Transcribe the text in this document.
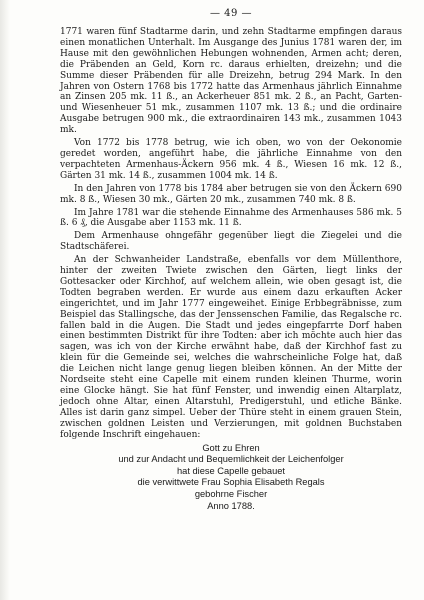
— 49 —

1771 waren fünf Stadtarme darin, und zehn Stadtarme empfingen daraus einen monatlichen Unterhalt. Im Ausgange des Junius 1781 waren der, im Hause mit den gewöhnlichen Hebungen wohnenden, Armen acht; deren, die Präbenden an Geld, Korn rc. daraus erhielten, dreizehn; und die Summe dieser Präbenden für alle Dreizehn, betrug 294 Mark. In den Jahren von Ostern 1768 bis 1772 hatte das Armenhaus jährlich Einnahme an Zinsen 205 mk. 11 ß., an Ackerheuer 851 mk. 2 ß., an Pacht, Garten- und Wiesenheuer 51 mk., zusammen 1107 mk. 13 ß.; und die ordinaire Ausgabe betrugen 900 mk., die extraordinairen 143 mk., zusammen 1043 mk.

Von 1772 bis 1778 betrug, wie ich oben, wo von der Oekonomie geredet worden, angeführt habe, die jährliche Einnahme von den verpachteten Armenhaus-Äckern 956 mk. 4 ß., Wiesen 16 mk. 12 ß., Gärten 31 mk. 14 ß., zusammen 1004 mk. 14 ß.

In den Jahren von 1778 bis 1784 aber betrugen sie von den Äckern 690 mk. 8 ß., Wiesen 30 mk., Gärten 20 mk., zusammen 740 mk. 8 ß.

Im Jahre 1781 war die stehende Einnahme des Armenhauses 586 mk. 5 ß. 6 ₰, die Ausgabe aber 1153 mk. 11 ß.

Dem Armenhause ohngefähr gegenüber liegt die Ziegelei und die Stadtschäferei.

An der Schwanheider Landstraße, ebenfalls vor dem Müllenthore, hinter der zweiten Twiete zwischen den Gärten, liegt links der Gottesacker oder Kirchhof, auf welchem allein, wie oben gesagt ist, die Todten begraben werden. Er wurde aus einem dazu erkauften Acker eingerichtet, und im Jahr 1777 eingeweihet. Einige Erbbegräbnisse, zum Beispiel das Stallingsche, das der Jenssenschen Familie, das Regalsche rc. fallen bald in die Augen. Die Stadt und jedes eingepfarrte Dorf haben einen bestimmten Distrikt für ihre Todten: aber ich möchte auch hier das sagen, was ich von der Kirche erwähnt habe, daß der Kirchhof fast zu klein für die Gemeinde sei, welches die wahrscheinliche Folge hat, daß die Leichen nicht lange genug liegen bleiben können. An der Mitte der Nordseite steht eine Capelle mit einem runden kleinen Thurme, worin eine Glocke hängt. Sie hat fünf Fenster, und inwendig einen Altarplatz, jedoch ohne Altar, einen Altarstuhl, Predigerstuhl, und etliche Bänke. Alles ist darin ganz simpel. Ueber der Thüre steht in einem grauen Stein, zwischen goldnen Leisten und Verzierungen, mit goldnen Buchstaben folgende Inschrift eingehauen:

Gott zu Ehren
und zur Andacht und Bequemlichkeit der Leichenfolger
hat diese Capelle gebauet
die verwittwete Frau Sophia Elisabeth Regals
gebohrne Fischer
Anno 1788.
